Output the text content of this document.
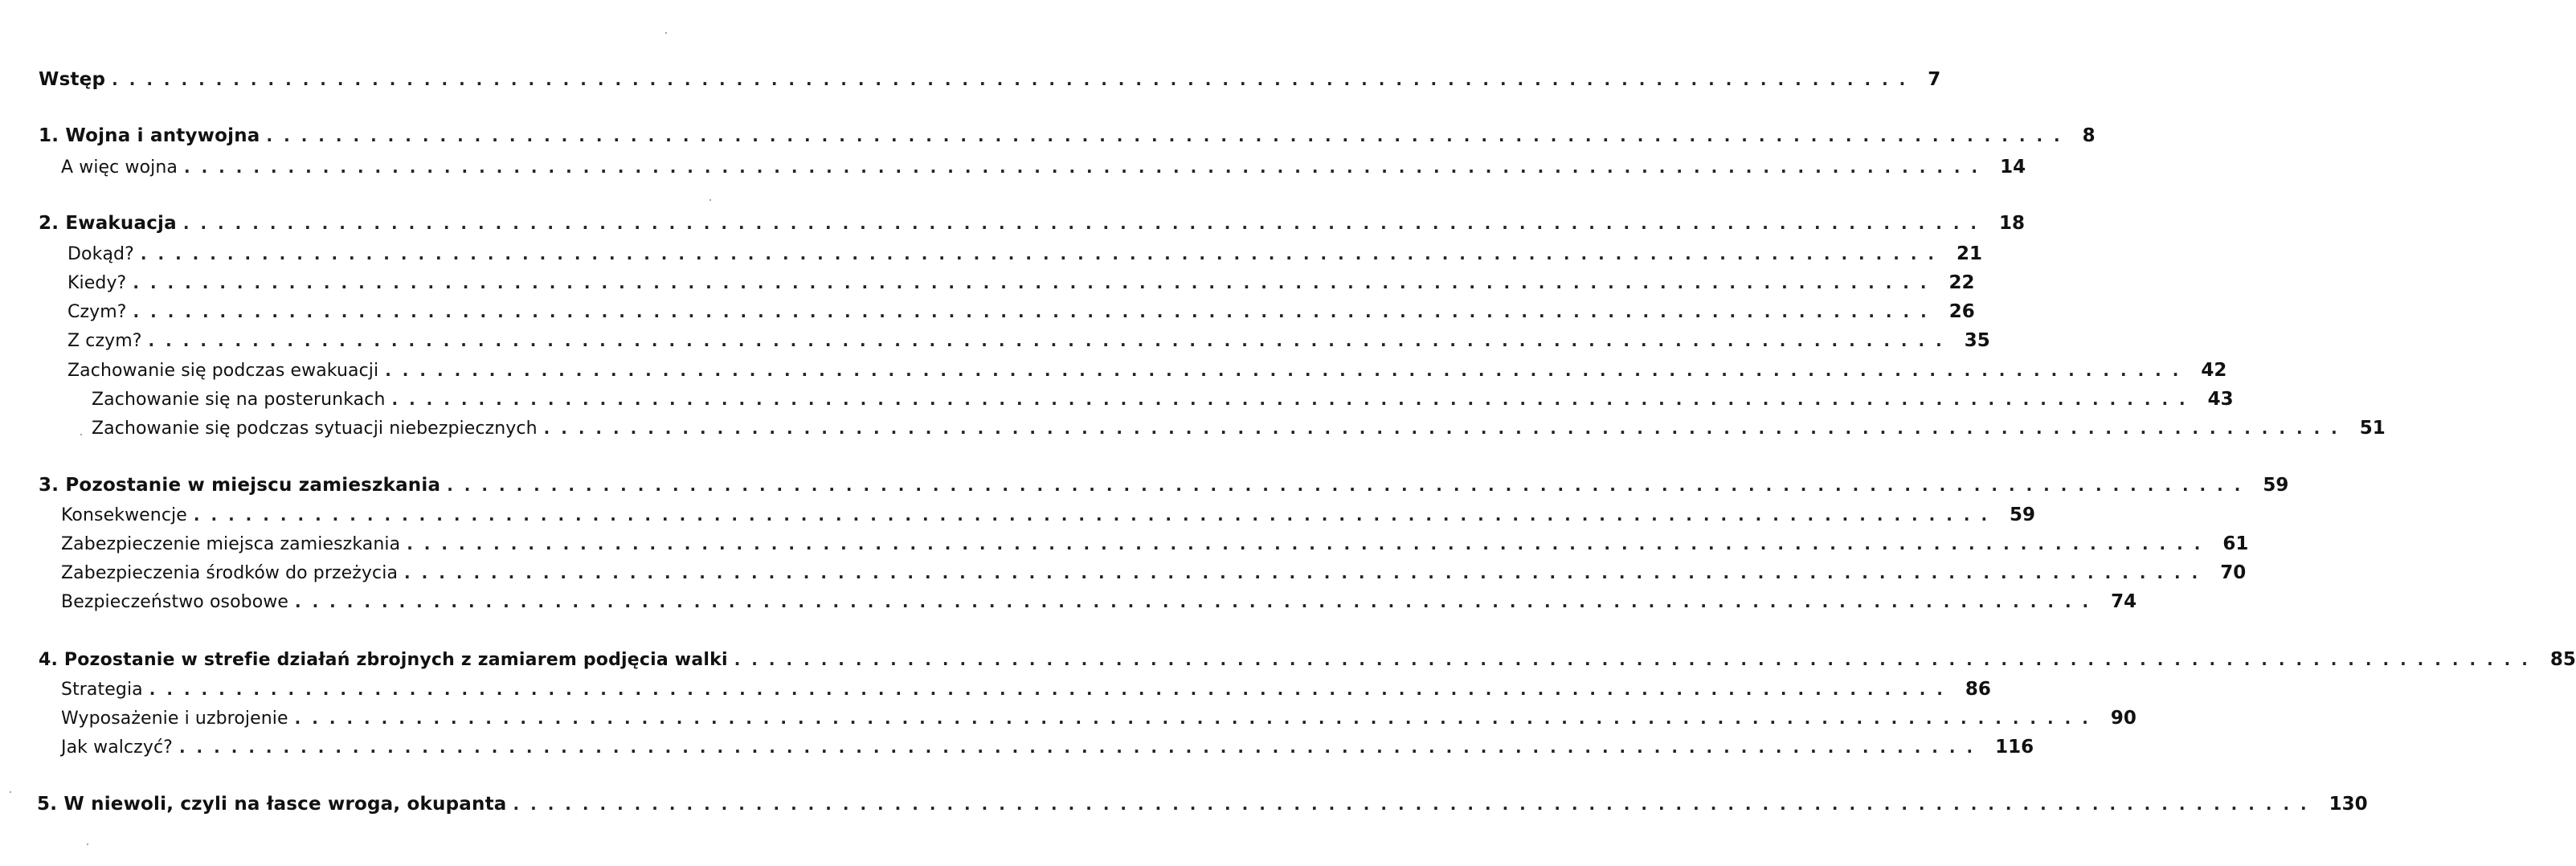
Wstęp ........................................................................................................ 7
1. Wojna i antywojna ........................................................................................................ 8
A więc wojna ........................................................................................................ 14
2. Ewakuacja ........................................................................................................ 18
Dokąd? ........................................................................................................ 21
Kiedy? ........................................................................................................ 22
Czym? ........................................................................................................ 26
Z czym? ........................................................................................................ 35
Zachowanie się podczas ewakuacji ........................................................................................................ 42
Zachowanie się na posterunkach ........................................................................................................ 43
Zachowanie się podczas sytuacji niebezpiecznych ........................................................................................................ 51
3. Pozostanie w miejscu zamieszkania ........................................................................................................ 59
Konsekwencje ........................................................................................................ 59
Zabezpieczenie miejsca zamieszkania ........................................................................................................ 61
Zabezpieczenia środków do przeżycia ........................................................................................................ 70
Bezpieczeństwo osobowe ........................................................................................................ 74
4. Pozostanie w strefie działań zbrojnych z zamiarem podjęcia walki ........................................................................................................ 85
Strategia ........................................................................................................ 86
Wyposażenie i uzbrojenie ........................................................................................................ 90
Jak walczyć? ........................................................................................................ 116
5. W niewoli, czyli na łasce wroga, okupanta ........................................................................................................ 130
